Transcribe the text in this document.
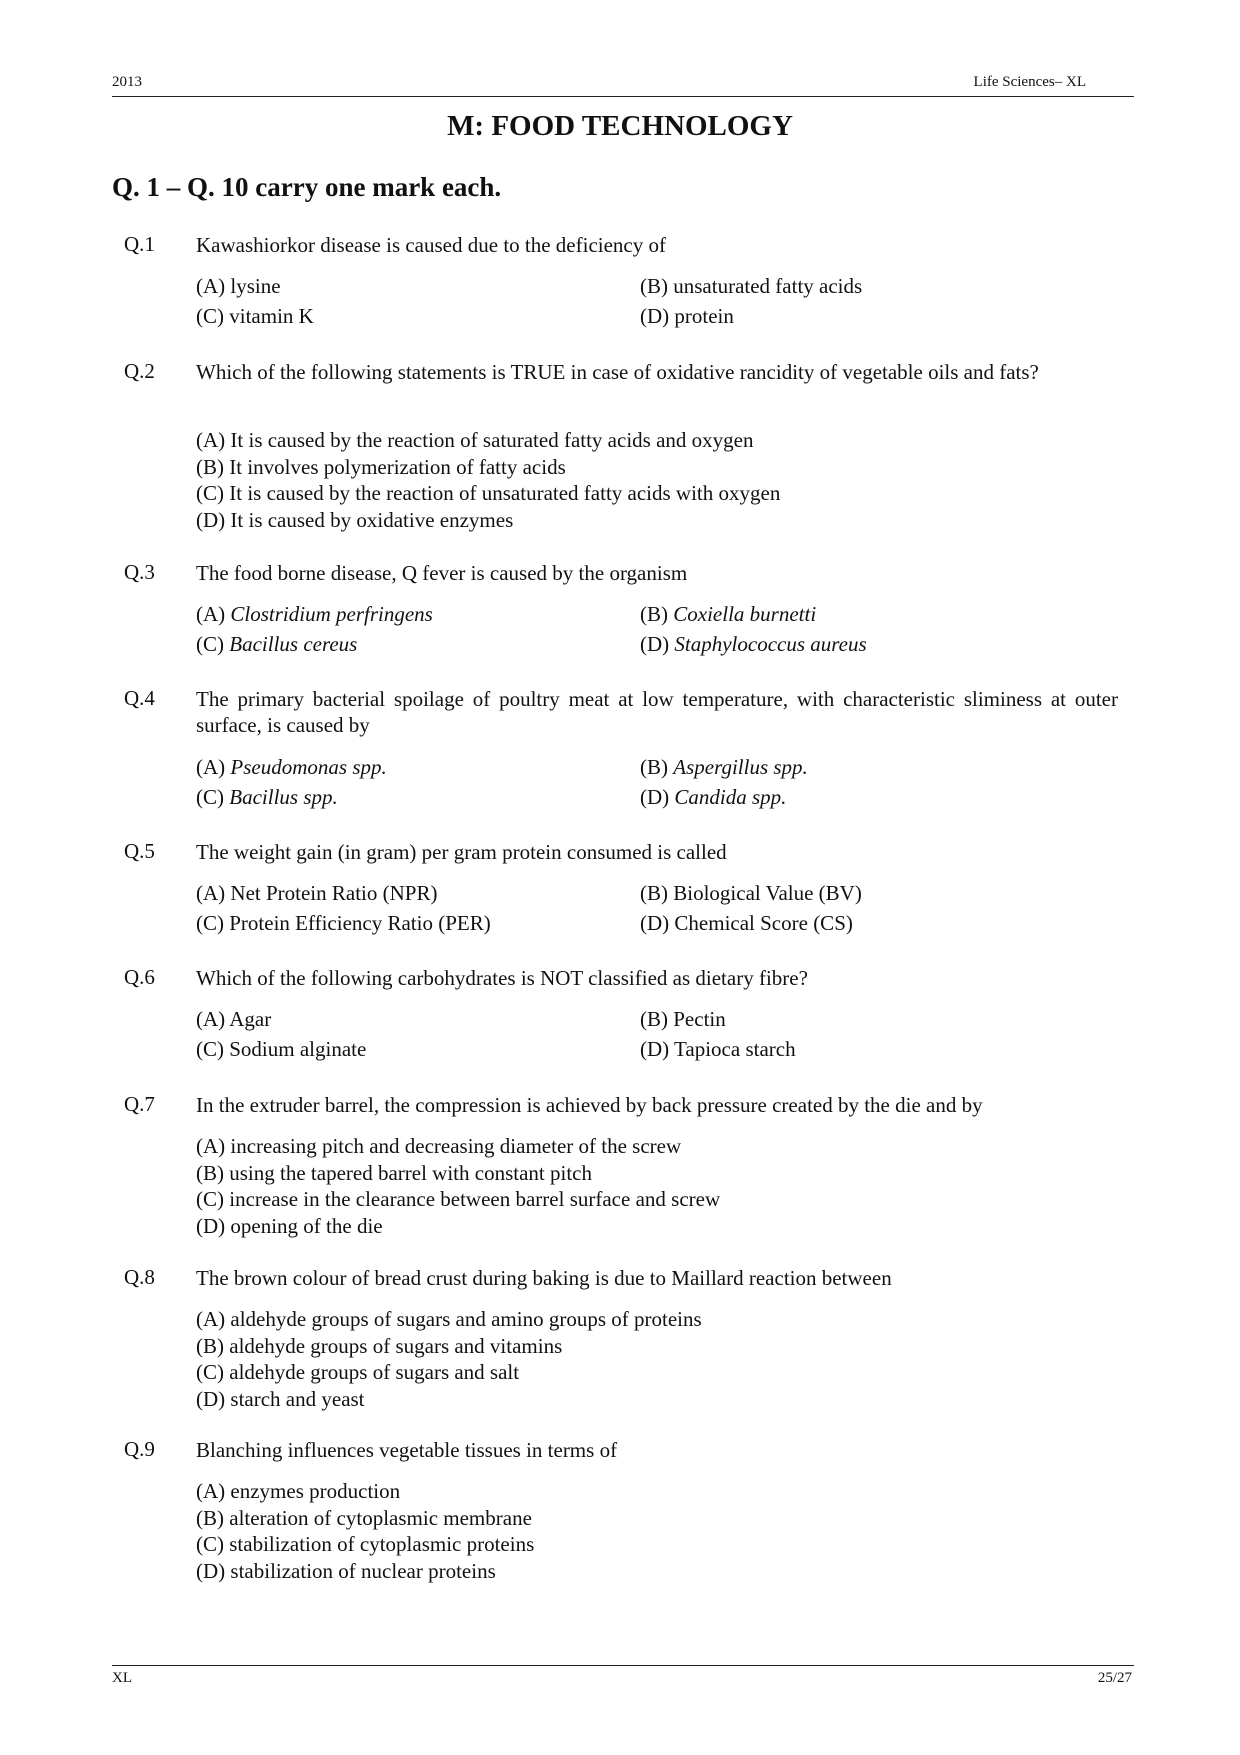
2013	Life Sciences– XL
M: FOOD TECHNOLOGY
Q. 1 – Q. 10 carry one mark each.
Q.1 Kawashiorkor disease is caused due to the deficiency of
(A) lysine	(B) unsaturated fatty acids
(C) vitamin K	(D) protein
Q.2 Which of the following statements is TRUE in case of oxidative rancidity of vegetable oils and fats?
(A) It is caused by the reaction of saturated fatty acids and oxygen
(B) It involves polymerization of fatty acids
(C) It is caused by the reaction of unsaturated fatty acids with oxygen
(D) It is caused by oxidative enzymes
Q.3 The food borne disease, Q fever is caused by the organism
(A) Clostridium perfringens	(B) Coxiella burnetti
(C) Bacillus cereus	(D) Staphylococcus aureus
Q.4 The primary bacterial spoilage of poultry meat at low temperature, with characteristic sliminess at outer surface, is caused by
(A) Pseudomonas spp.	(B) Aspergillus spp.
(C) Bacillus spp.	(D) Candida spp.
Q.5 The weight gain (in gram) per gram protein consumed is called
(A) Net Protein Ratio (NPR)	(B) Biological Value (BV)
(C) Protein Efficiency Ratio (PER)	(D) Chemical Score (CS)
Q.6 Which of the following carbohydrates is NOT classified as dietary fibre?
(A) Agar	(B) Pectin
(C) Sodium alginate	(D) Tapioca starch
Q.7 In the extruder barrel, the compression is achieved by back pressure created by the die and by
(A) increasing pitch and decreasing diameter of the screw
(B) using the tapered barrel with constant pitch
(C) increase in the clearance between barrel surface and screw
(D) opening of the die
Q.8 The brown colour of bread crust during baking is due to Maillard reaction between
(A) aldehyde groups of sugars and amino groups of proteins
(B) aldehyde groups of sugars and vitamins
(C) aldehyde groups of sugars and salt
(D) starch and yeast
Q.9 Blanching influences vegetable tissues in terms of
(A) enzymes production
(B) alteration of cytoplasmic membrane
(C) stabilization of cytoplasmic proteins
(D) stabilization of nuclear proteins
XL	25/27
